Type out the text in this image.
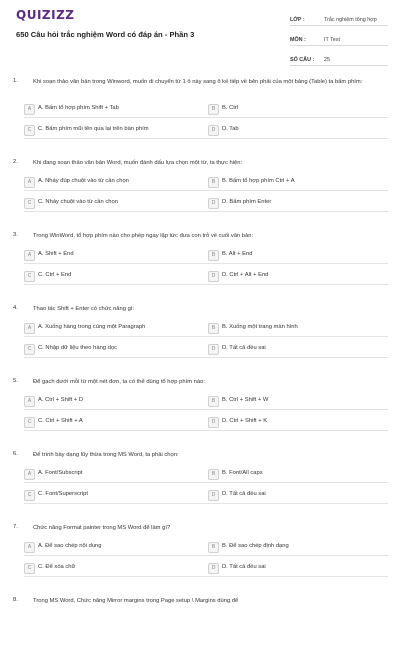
QUIZIZZ
650 Câu hỏi trắc nghiệm Word có đáp án - Phần 3
LỚP :	Trắc nghiệm tổng hợp
MÔN :	IT Test
SỐ CÂU : 25
1.	Khi soạn thảo văn bản trong Winword, muốn di chuyển từ 1 ô này sang ô kế tiếp về bên phải của một bảng (Table) ta bấm phím:
A	A. Bấm tổ hợp phím Shift + Tab	B	B. Ctrl
C	C. Bấm phím mũi tên qua lại trên bàn phím	D	D. Tab
2.	Khi đang soạn thảo văn bản Word, muốn đánh dấu lựa chọn một từ, ta thực hiện:
A	A. Nháy đúp chuột vào từ cần chọn	B	B. Bấm tổ hợp phím Ctrl + A
C	C. Nháy chuột vào từ cần chọn	D	D. Bấm phím Enter
3.	Trong WinWord, tổ hợp phím nào cho phép ngay lập tức đưa con trỏ về cuối văn bản:
A	A. Shift + End	B	B. Alt + End
C	C. Ctrl + End	D	D. Ctrl + Alt + End
4.	Thao tác Shift + Enter có chức năng gì:
A	A. Xuống hàng trong cùng một Paragraph	B	B. Xuống một trang màn hình
C	C. Nhập dữ liệu theo hàng dọc	D	D. Tất cả đều sai
5.	Để gạch dưới mỗi từ một nét đơn, ta có thể dùng tổ hợp phím nào:
A	A. Ctrl + Shift + D	B	B. Ctrl + Shift + W
C	C. Ctrl + Shift + A	D	D. Ctrl + Shift + K
6.	Để trình bày dạng lũy thừa trong MS Word, ta phải chọn:
A	A. Font/Subscript	B	B. Font/All caps
C	C. Font/Superscript	D	D. Tất cả đều sai
7.	Chức năng Format painter trong MS Word để làm gì?
A	A. Để sao chép nội dung	B	B. Để sao chép định dạng
C	C. Để xóa chữ	D	D. Tất cả đều sai
8.	Trong MS Word, Chức năng Mirror margins trong Page setup \ Margins dùng để
